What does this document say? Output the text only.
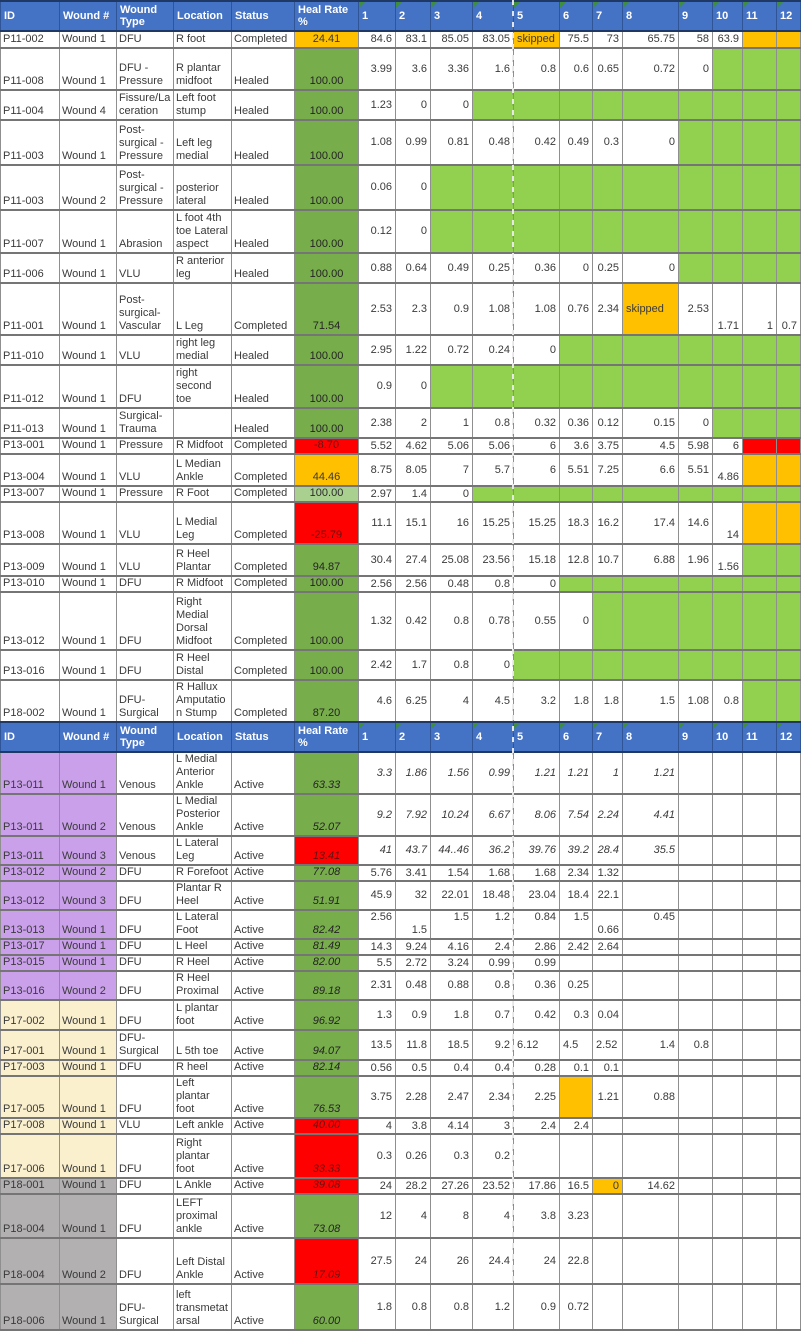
ID	Wound #	Wound Type	Location	Status	Heal Rate %	1	2	3	4	5	6	7	8	9	10	11	12
P11-002	Wound 1	DFU	R foot	Completed	24.41	84.6	83.1	85.05	83.05	skipped	75.5	73	65.75	58	63.9		
P11-008	Wound 1	DFU - Pressure	R plantar midfoot	Healed	100.00	3.99	3.6	3.36	1.6	0.8	0.6	0.65	0.72	0			
P11-004	Wound 4	Fissure/Laceration	Left foot stump	Healed	100.00	1.23	0	0									
P11-003	Wound 1	Post-surgical - Pressure	Left leg medial	Healed	100.00	1.08	0.99	0.81	0.48	0.42	0.49	0.3	0				
P11-003	Wound 2	Post-surgical - Pressure	posterior lateral	Healed	100.00	0.06	0										
P11-007	Wound 1	Abrasion	L foot 4th toe Lateral aspect	Healed	100.00	0.12	0										
P11-006	Wound 1	VLU	R anterior leg	Healed	100.00	0.88	0.64	0.49	0.25	0.36	0	0.25	0				
P11-001	Wound 1	Post-surgical-Vascular	L Leg	Completed	71.54	2.53	2.3	0.9	1.08	1.08	0.76	2.34	skipped	2.53	1.71	1	0.7
P11-010	Wound 1	VLU	right leg medial	Healed	100.00	2.95	1.22	0.72	0.24	0							
P11-012	Wound 1	DFU	right second toe	Healed	100.00	0.9	0										
P11-013	Wound 1	Surgical-Trauma		Healed	100.00	2.38	2	1	0.8	0.32	0.36	0.12	0.15	0			
P13-001	Wound 1	Pressure	R Midfoot	Completed	-8.70	5.52	4.62	5.06	5.06	6	3.6	3.75	4.5	5.98	6		
P13-004	Wound 1	VLU	L Median Ankle	Completed	44.46	8.75	8.05	7	5.7	6	5.51	7.25	6.6	5.51	4.86		
P13-007	Wound 1	Pressure	R Foot	Completed	100.00	2.97	1.4	0									
P13-008	Wound 1	VLU	L Medial Leg	Completed	-25.79	11.1	15.1	16	15.25	15.25	18.3	16.2	17.4	14.6	14		
P13-009	Wound 1	VLU	R Heel Plantar	Completed	94.87	30.4	27.4	25.08	23.56	15.18	12.8	10.7	6.88	1.96	1.56		
P13-010	Wound 1	DFU	R Midfoot	Completed	100.00	2.56	2.56	0.48	0.8	0							
P13-012	Wound 1	DFU	Right Medial Dorsal Midfoot	Completed	100.00	1.32	0.42	0.8	0.78	0.55	0						
P13-016	Wound 1	DFU	R Heel Distal	Completed	100.00	2.42	1.7	0.8	0								
P18-002	Wound 1	DFU-Surgical	R Hallux Amputatio n Stump	Completed	87.20	4.6	6.25	4	4.5	3.2	1.8	1.8	1.5	1.08	0.8		
ID	Wound #	Wound Type	Location	Status	Heal Rate %	1	2	3	4	5	6	7	8	9	10	11	12
P13-011	Wound 1	Venous	L Medial Anterior Ankle	Active	63.33	3.3	1.86	1.56	0.99	1.21	1.21	1	1.21				
P13-011	Wound 2	Venous	L Medial Posterior Ankle	Active	52.07	9.2	7.92	10.24	6.67	8.06	7.54	2.24	4.41				
P13-011	Wound 3	Venous	L Lateral Leg	Active	13.41	41	43.7	44..46	36.2	39.76	39.2	28.4	35.5				
P13-012	Wound 2	DFU	R Forefoot	Active	77.08	5.76	3.41	1.54	1.68	1.68	2.34	1.32					
P13-012	Wound 3	DFU	Plantar R Heel	Active	51.91	45.9	32	22.01	18.48	23.04	18.4	22.1					
P13-013	Wound 1	DFU	L Lateral Foot	Active	82.42	2.56	1.5	1.5	1.2	0.84	1.5	0.66	0.45				
P13-017	Wound 1	DFU	L Heel	Active	81.49	14.3	9.24	4.16	2.4	2.86	2.42	2.64					
P13-015	Wound 1	DFU	R Heel	Active	82.00	5.5	2.72	3.24	0.99	0.99							
P13-016	Wound 2	DFU	R Heel Proximal	Active	89.18	2.31	0.48	0.88	0.8	0.36	0.25						
P17-002	Wound 1	DFU	L plantar foot	Active	96.92	1.3	0.9	1.8	0.7	0.42	0.3	0.04					
P17-001	Wound 1	DFU-Surgical	L 5th toe	Active	94.07	13.5	11.8	18.5	9.2	6.12	4.5	2.52	1.4	0.8			
P17-003	Wound 1	DFU	R heel	Active	82.14	0.56	0.5	0.4	0.4	0.28	0.1	0.1					
P17-005	Wound 1	DFU	Left plantar foot	Active	76.53	3.75	2.28	2.47	2.34	2.25		1.21	0.88				
P17-008	Wound 1	VLU	Left ankle	Active	40.00	4	3.8	4.14	3	2.4	2.4						
P17-006	Wound 1	DFU	Right plantar foot	Active	33.33	0.3	0.26	0.3	0.2								
P18-001	Wound 1	DFU	L Ankle	Active	39.08	24	28.2	27.26	23.52	17.86	16.5	0	14.62				
P18-004	Wound 1	DFU	LEFT proximal ankle	Active	73.08	12	4	8	4	3.8	3.23						
P18-004	Wound 2	DFU	Left Distal Ankle	Active	17.09	27.5	24	26	24.4	24	22.8						
P18-006	Wound 1	DFU-Surgical	left transmetat arsal	Active	60.00	1.8	0.8	0.8	1.2	0.9	0.72						
